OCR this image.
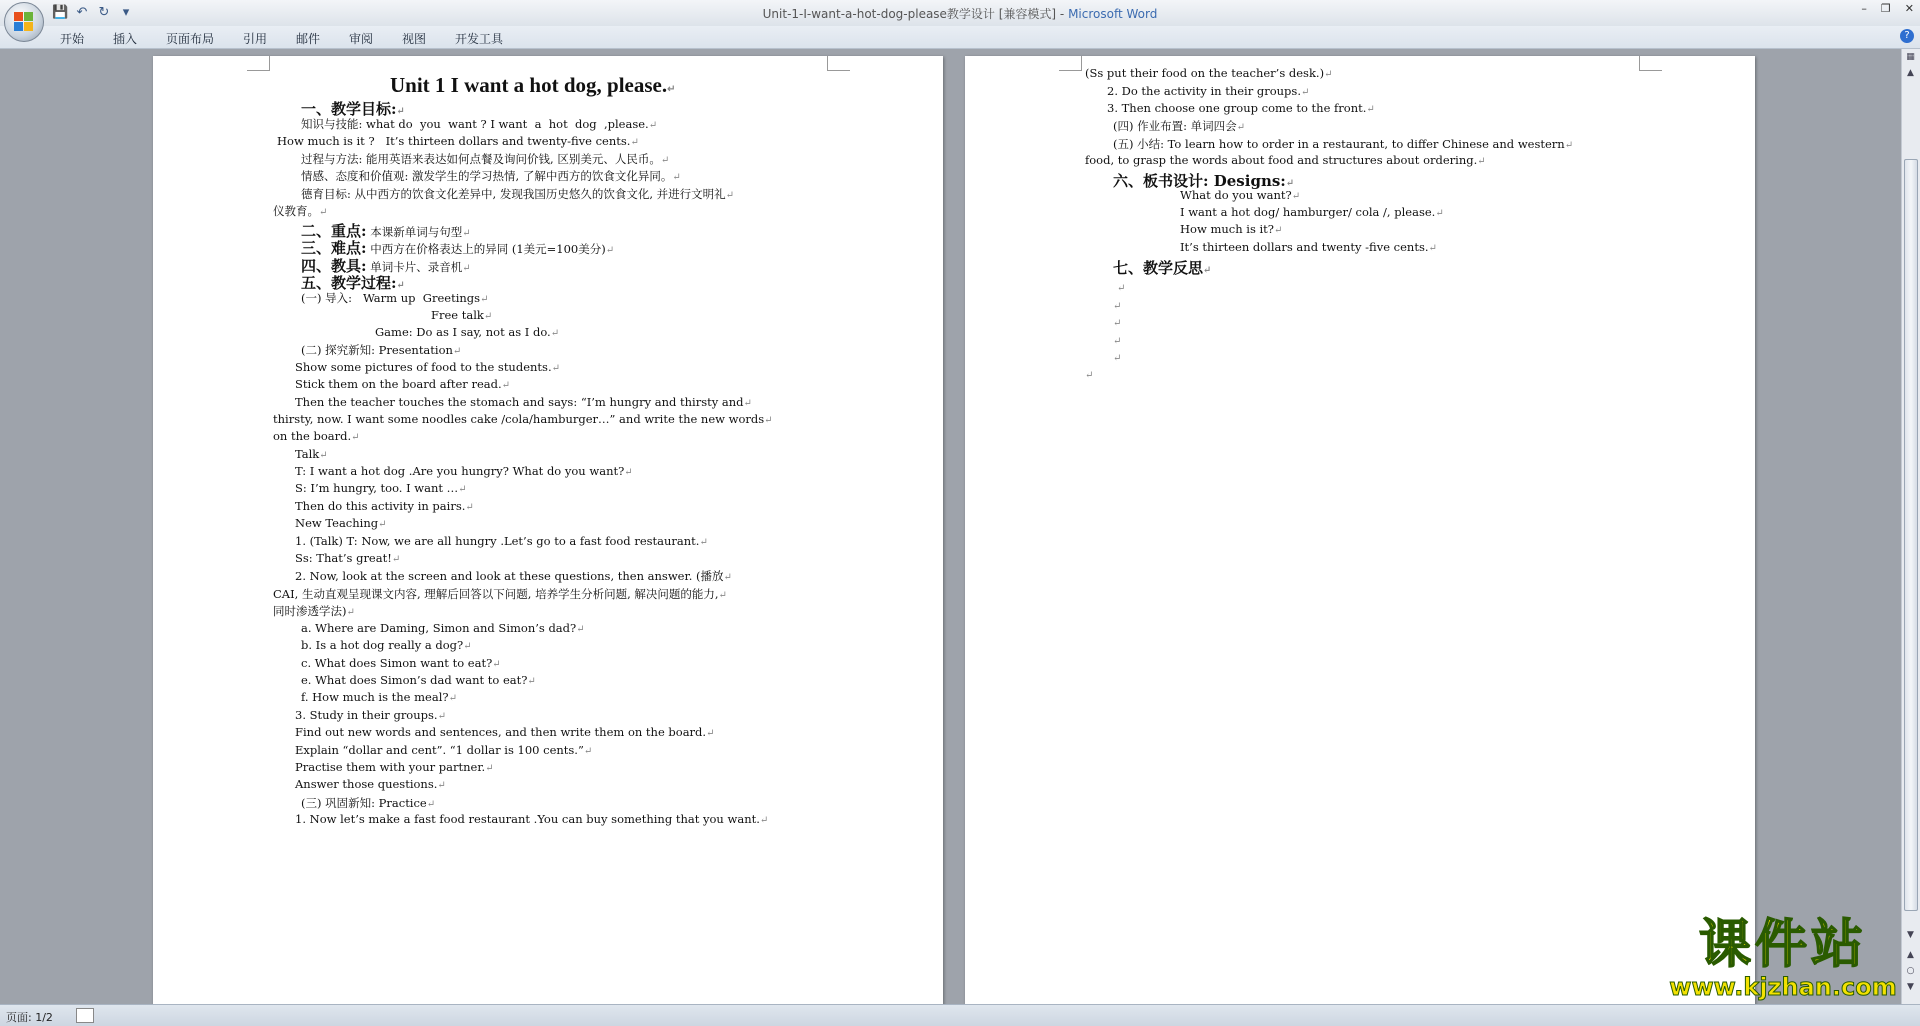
💾 ↶ ↻	▾	Unit-1-I-want-a-hot-dog-please教学设计 [兼容模式] - Microsoft Word	– ❐ ✕
开始 插入 页面布局 引用 邮件 审阅 视图 开发工具	?
Unit 1 I want a hot dog, please.↵
一、教学目标:↵
知识与技能: what do  you  want ? I want  a  hot  dog  ,please.↵
How much is it ?   It’s thirteen dollars and twenty-five cents.↵
过程与方法: 能用英语来表达如何点餐及询问价钱, 区别美元、人民币。↵
情感、态度和价值观: 激发学生的学习热情, 了解中西方的饮食文化异同。↵
德育目标: 从中西方的饮食文化差异中, 发现我国历史悠久的饮食文化, 并进行文明礼↵
仪教育。↵
二、重点: 本课新单词与句型↵
三、难点: 中西方在价格表达上的异同 (1美元=100美分)↵
四、教具: 单词卡片、录音机↵
五、教学过程:↵
(一) 导入:   Warm up  Greetings↵
Free talk↵
Game: Do as I say, not as I do.↵
(二) 探究新知: Presentation↵
Show some pictures of food to the students.↵
Stick them on the board after read.↵
Then the teacher touches the stomach and says: “I’m hungry and thirsty and↵
thirsty, now. I want some noodles cake /cola/hamburger…” and write the new words↵
on the board.↵
Talk↵
T: I want a hot dog .Are you hungry? What do you want?↵
S: I’m hungry, too. I want …↵
Then do this activity in pairs.↵
New Teaching↵
1. (Talk) T: Now, we are all hungry .Let’s go to a fast food restaurant.↵
Ss: That’s great!↵
2. Now, look at the screen and look at these questions, then answer. (播放↵
CAI, 生动直观呈现课文内容, 理解后回答以下问题, 培养学生分析问题, 解决问题的能力,↵
同时渗透学法)↵
a. Where are Daming, Simon and Simon’s dad?↵
b. Is a hot dog really a dog?↵
c. What does Simon want to eat?↵
e. What does Simon’s dad want to eat?↵
f. How much is the meal?↵
3. Study in their groups.↵
Find out new words and sentences, and then write them on the board.↵
Explain “dollar and cent”. “1 dollar is 100 cents.”↵
Practise them with your partner.↵
Answer those questions.↵
(三) 巩固新知: Practice↵
1. Now let’s make a fast food restaurant .You can buy something that you want.↵
(Ss put their food on the teacher’s desk.)↵
2. Do the activity in their groups.↵
3. Then choose one group come to the front.↵
(四) 作业布置: 单词四会↵
(五) 小结: To learn how to order in a restaurant, to differ Chinese and western↵
food, to grasp the words about food and structures about ordering.↵
六、板书设计: Designs:↵
What do you want?↵
I want a hot dog/ hamburger/ cola /, please.↵
How much is it?↵
It’s thirteen dollars and twenty -five cents.↵
七、教学反思↵
↵
↵
↵
↵
↵
↵
▦
▲
▼
▲
○
▼
页面: 1/2
课件站
www.kjzhan.com
